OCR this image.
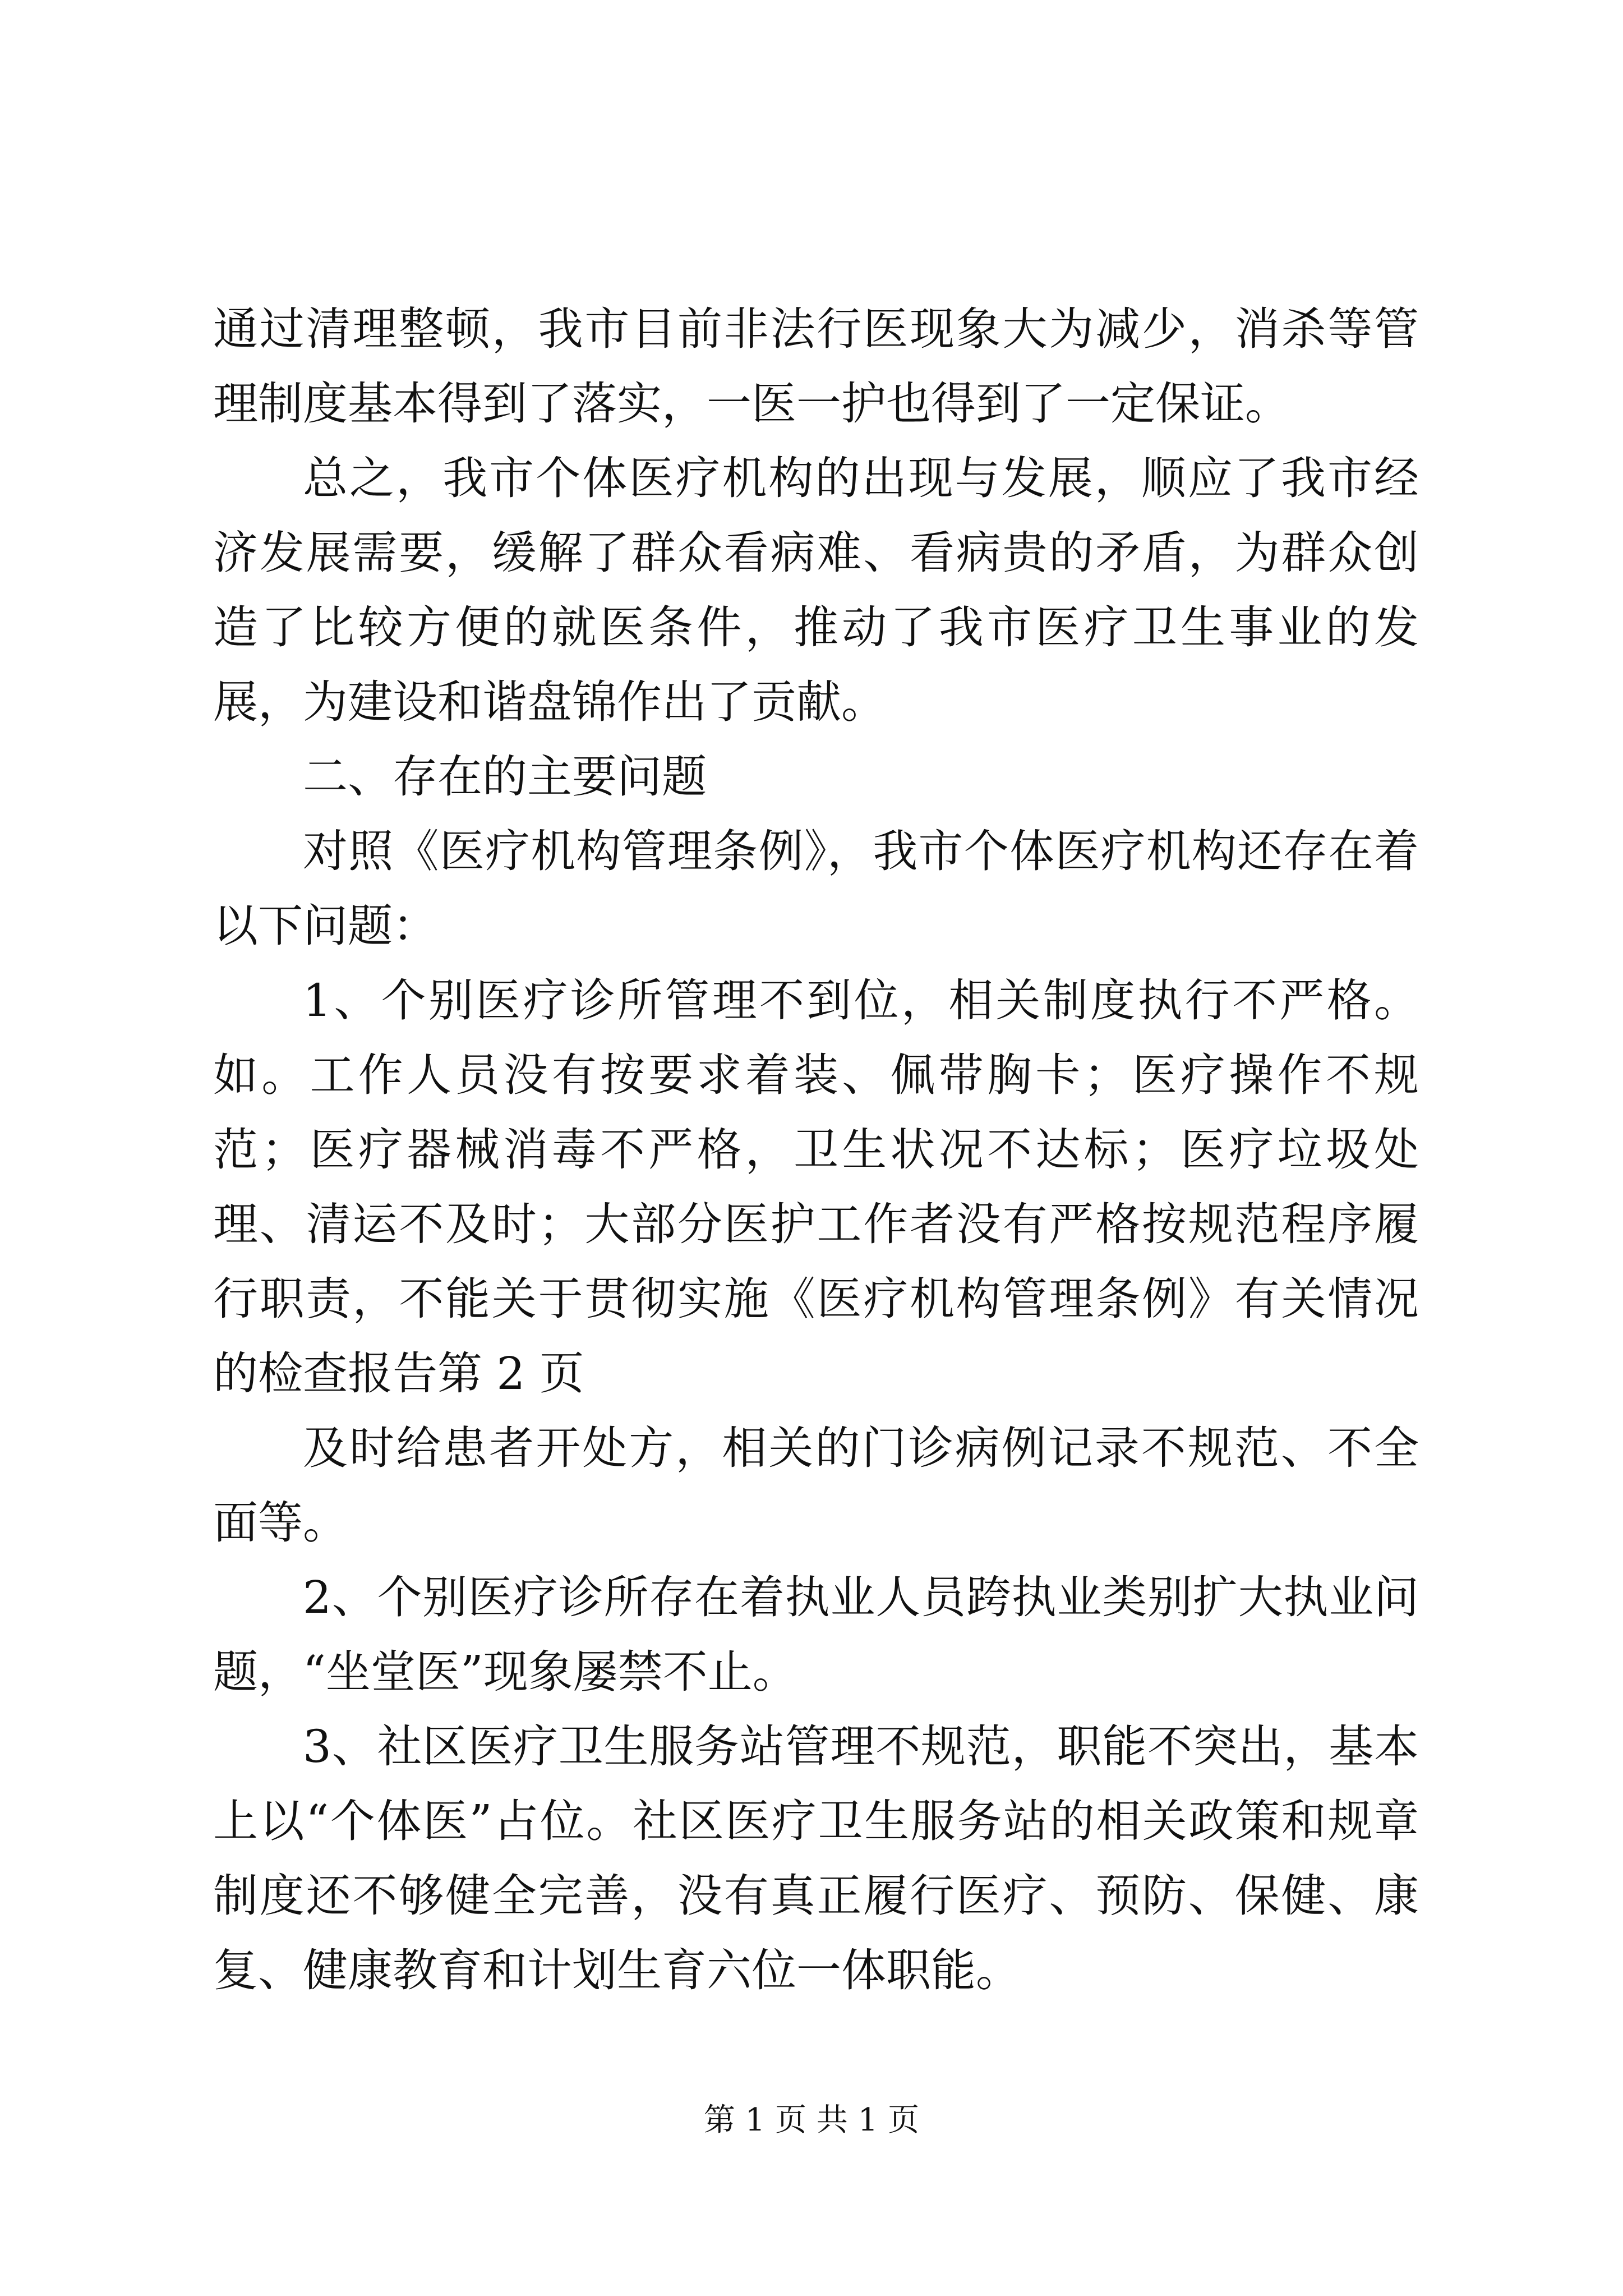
通过清理整顿，我市目前非法行医现象大为减少，消杀等管理制度基本得到了落实，一医一护也得到了一定保证。

总之，我市个体医疗机构的出现与发展，顺应了我市经济发展需要，缓解了群众看病难、看病贵的矛盾，为群众创造了比较方便的就医条件，推动了我市医疗卫生事业的发展，为建设和谐盘锦作出了贡献。

二、存在的主要问题

对照《医疗机构管理条例》，我市个体医疗机构还存在着以下问题：

1、个别医疗诊所管理不到位，相关制度执行不严格。如。工作人员没有按要求着装、佩带胸卡；医疗操作不规范；医疗器械消毒不严格，卫生状况不达标；医疗垃圾处理、清运不及时；大部分医护工作者没有严格按规范程序履行职责，不能关于贯彻实施《医疗机构管理条例》有关情况的检查报告第 2 页

及时给患者开处方，相关的门诊病例记录不规范、不全面等。

2、个别医疗诊所存在着执业人员跨执业类别扩大执业问题，“坐堂医”现象屡禁不止。

3、社区医疗卫生服务站管理不规范，职能不突出，基本上以“个体医”占位。社区医疗卫生服务站的相关政策和规章制度还不够健全完善，没有真正履行医疗、预防、保健、康复、健康教育和计划生育六位一体职能。

第 1 页 共 1 页
